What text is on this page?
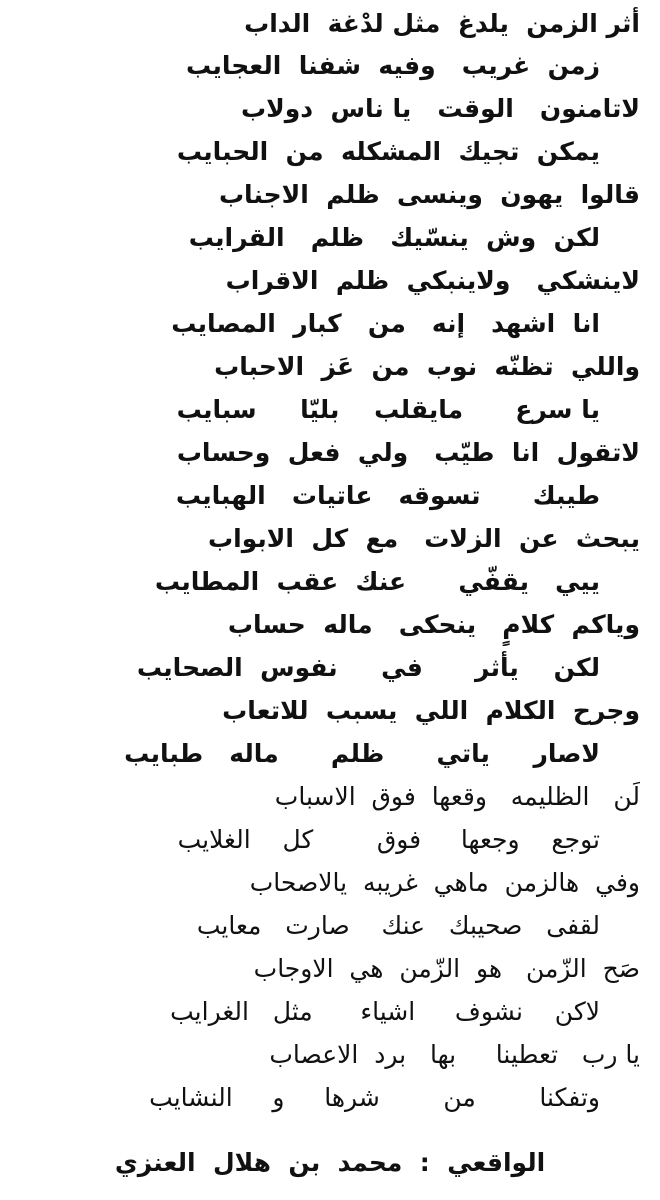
أثر الزمن  يلدغ  مثل لدْغة  الداب
زمن  غريب   وفيه  شفنا  العجايب
لاتامنون   الوقت   يا ناس  دولاب
يمكن  تجيك  المشكله  من  الحبايب
قالوا  يهون  وينسى  ظلم  الاجناب
لكن  وش  ينسّيك   ظلم   القرايب
لاينشكي   ولاينبكي  ظلم  الاقراب
انا  اشهد   إنه   من   كبار  المصايب
واللي  تظنّه  نوب  من  عَز  الاحباب
يا سرع      مايقلب    بليّا     سبايب
لاتقول  انا  طيّب   ولي  فعل  وحساب
طيبك      تسوقه   عاتيات   الهبايب
يبحث  عن  الزلات   مع  كل  الابواب
ييي   يقفّي      عنك  عقب  المطايب
وياكم  كلامٍ   ينحكى   ماله  حساب
لكن    يأثر      في     نفوس  الصحايب
وجرح  الكلام  اللي  يسبب  للاتعاب
لاصار     ياتي      ظلم      ماله   طبايب
لَن   الظليمه   وقعها  فوق  الاسباب
توجع    وجعها     فوق        كل    الغلايب
وفي  هالزمن  ماهي  غريبه  يالاصحاب
لقفى   صحيبك   عنك    صارت   معايب
صَح  الزّمن   هو  الزّمن  هي  الاوجاب
لاكن    نشوف     اشياء      مثل   الغرايب
يا رب   تعطينا     بها   برد  الاعصاب
وتفكنا        من        شرها     و     النشايب
الواقعي  :  محمد  بن  هلال  العنزي
